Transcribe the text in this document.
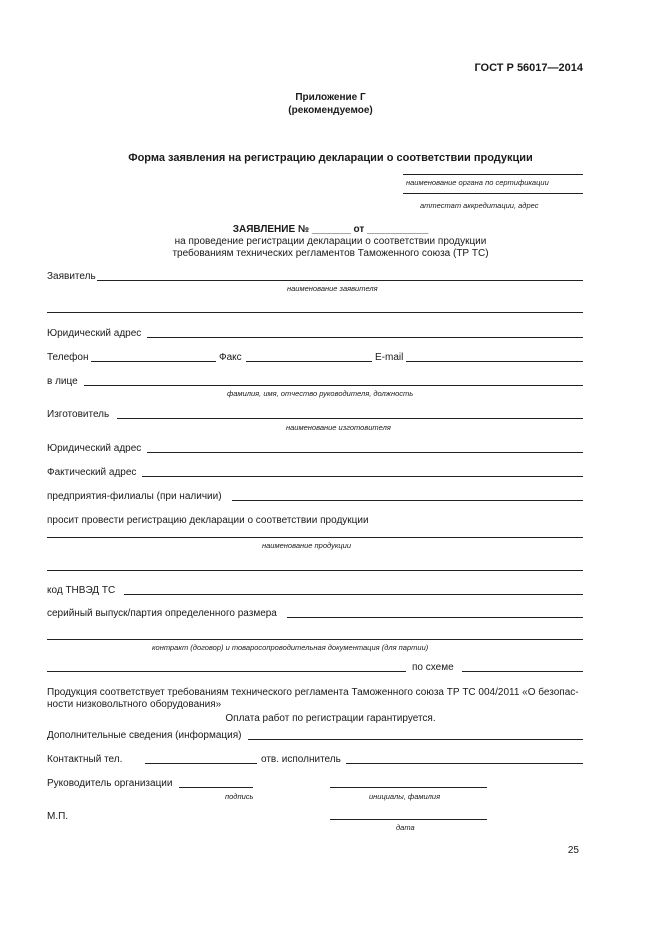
ГОСТ Р 56017—2014
Приложение Г
(рекомендуемое)
Форма заявления на регистрацию декларации о соответствии продукции
наименование органа по сертификации
аттестат аккредитации, адрес
ЗАЯВЛЕНИЕ № _______ от ___________
на проведение регистрации декларации о соответствии продукции
требованиям технических регламентов Таможенного союза (ТР ТС)
Заявитель
наименование заявителя
Юридический адрес
Телефон	Факс	E-mail
в лице
фамилия, имя, отчество руководителя, должность
Изготовитель
наименование изготовителя
Юридический адрес
Фактический адрес
предприятия-филиалы (при наличии)
просит провести регистрацию декларации о соответствии продукции
наименование продукции
код ТНВЭД ТС
серийный выпуск/партия определенного размера
контракт (договор) и товаросопроводительная документация (для партии)
по схеме
Продукция соответствует требованиям технического регламента Таможенного союза ТР ТС 004/2011 «О безопас-
ности низковольтного оборудования»
Оплата работ по регистрации гарантируется.
Дополнительные сведения (информация)
Контактный тел.	отв. исполнитель
Руководитель организации
подпись	инициалы, фамилия
М.П.
дата
25
